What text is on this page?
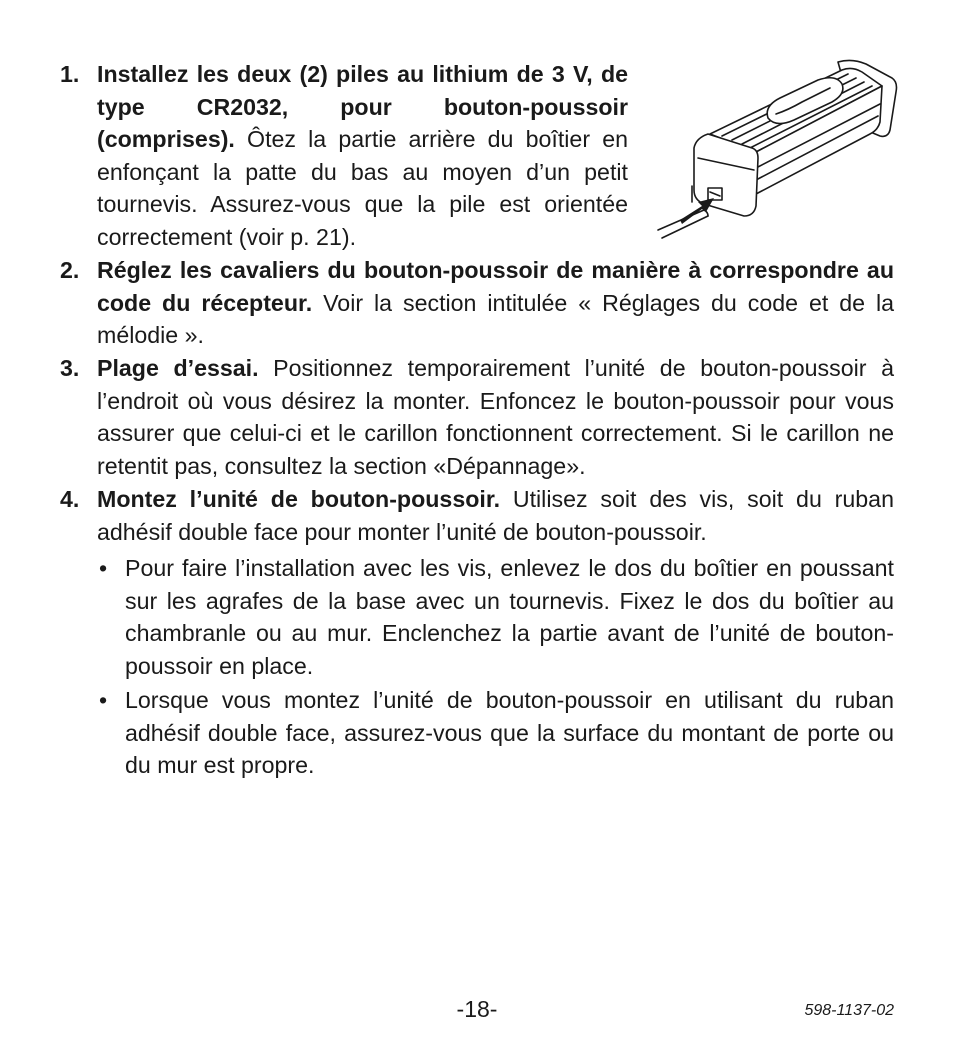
1. Installez les deux (2) piles au lithium de 3 V, de type CR2032, pour bouton-poussoir (comprises). Ôtez la partie arrière du boîtier en enfonçant la patte du bas au moyen d’un petit tournevis. Assurez-vous que la pile est orientée correctement (voir p. 21).
2. Réglez les cavaliers du bouton-poussoir de manière à correspondre au code du récepteur. Voir la section intitulée « Réglages du code et de la mélodie ».
3. Plage d’essai. Positionnez temporairement l’unité de bouton-poussoir à l’endroit où vous désirez la monter. Enfoncez le bouton-poussoir pour vous assurer que celui-ci et le carillon fonctionnent correctement. Si le carillon ne retentit pas, consultez la section «Dépannage».
4. Montez l’unité de bouton-poussoir. Utilisez soit des vis, soit du ruban adhésif double face pour monter l’unité de bouton-poussoir.
• Pour faire l’installation avec les vis, enlevez le dos du boîtier en poussant sur les agrafes de la base avec un tournevis. Fixez le dos du boîtier au chambranle ou au mur. Enclenchez la partie avant de l’unité de bouton-poussoir en place.
• Lorsque vous montez l’unité de bouton-poussoir en utilisant du ruban adhésif double face, assurez-vous que la surface du montant de porte ou du mur est propre.
-18-	598-1137-02
